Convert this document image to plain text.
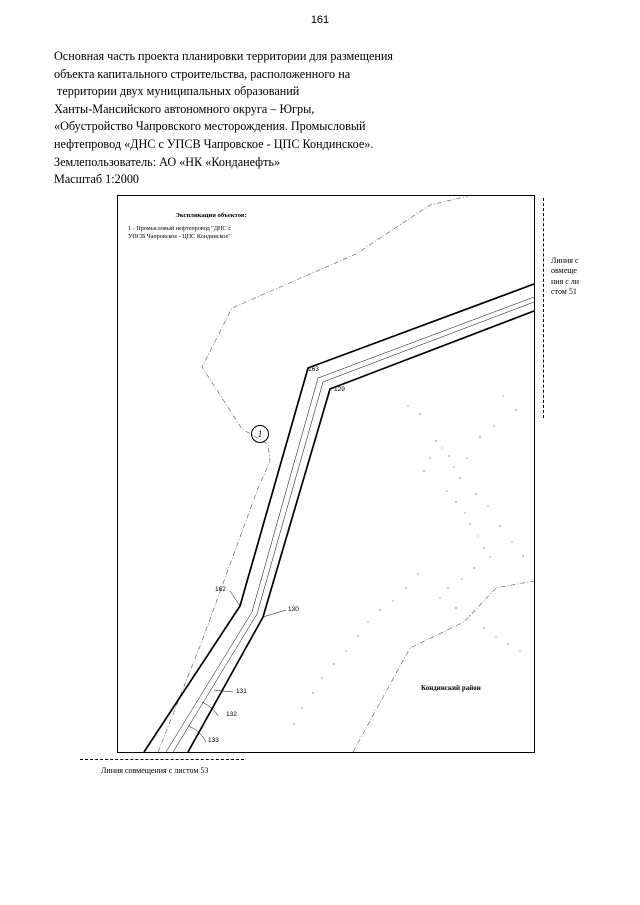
161
Основная часть проекта планировки территории для размещения
объекта капитального строительства, расположенного на
территории двух муниципальных образований
Ханты-Мансийского автономного округа – Югры,
«Обустройство Чапровского месторождения. Промысловый
нефтепровод «ДНС с УПСВ Чапровское - ЦПС Кондинское».
Землепользователь: АО «НК «Конданефть»
Масштаб 1:2000
Экспликация объектов:
1 - Промысловый нефтепровод "ДНС с
УПСВ Чапровское - ЦПС Кондинское"
1
163
129
162
130
131
132
133
Кондинский район
Линия совмещения с листом 51
Линия совмещения с листом 53
